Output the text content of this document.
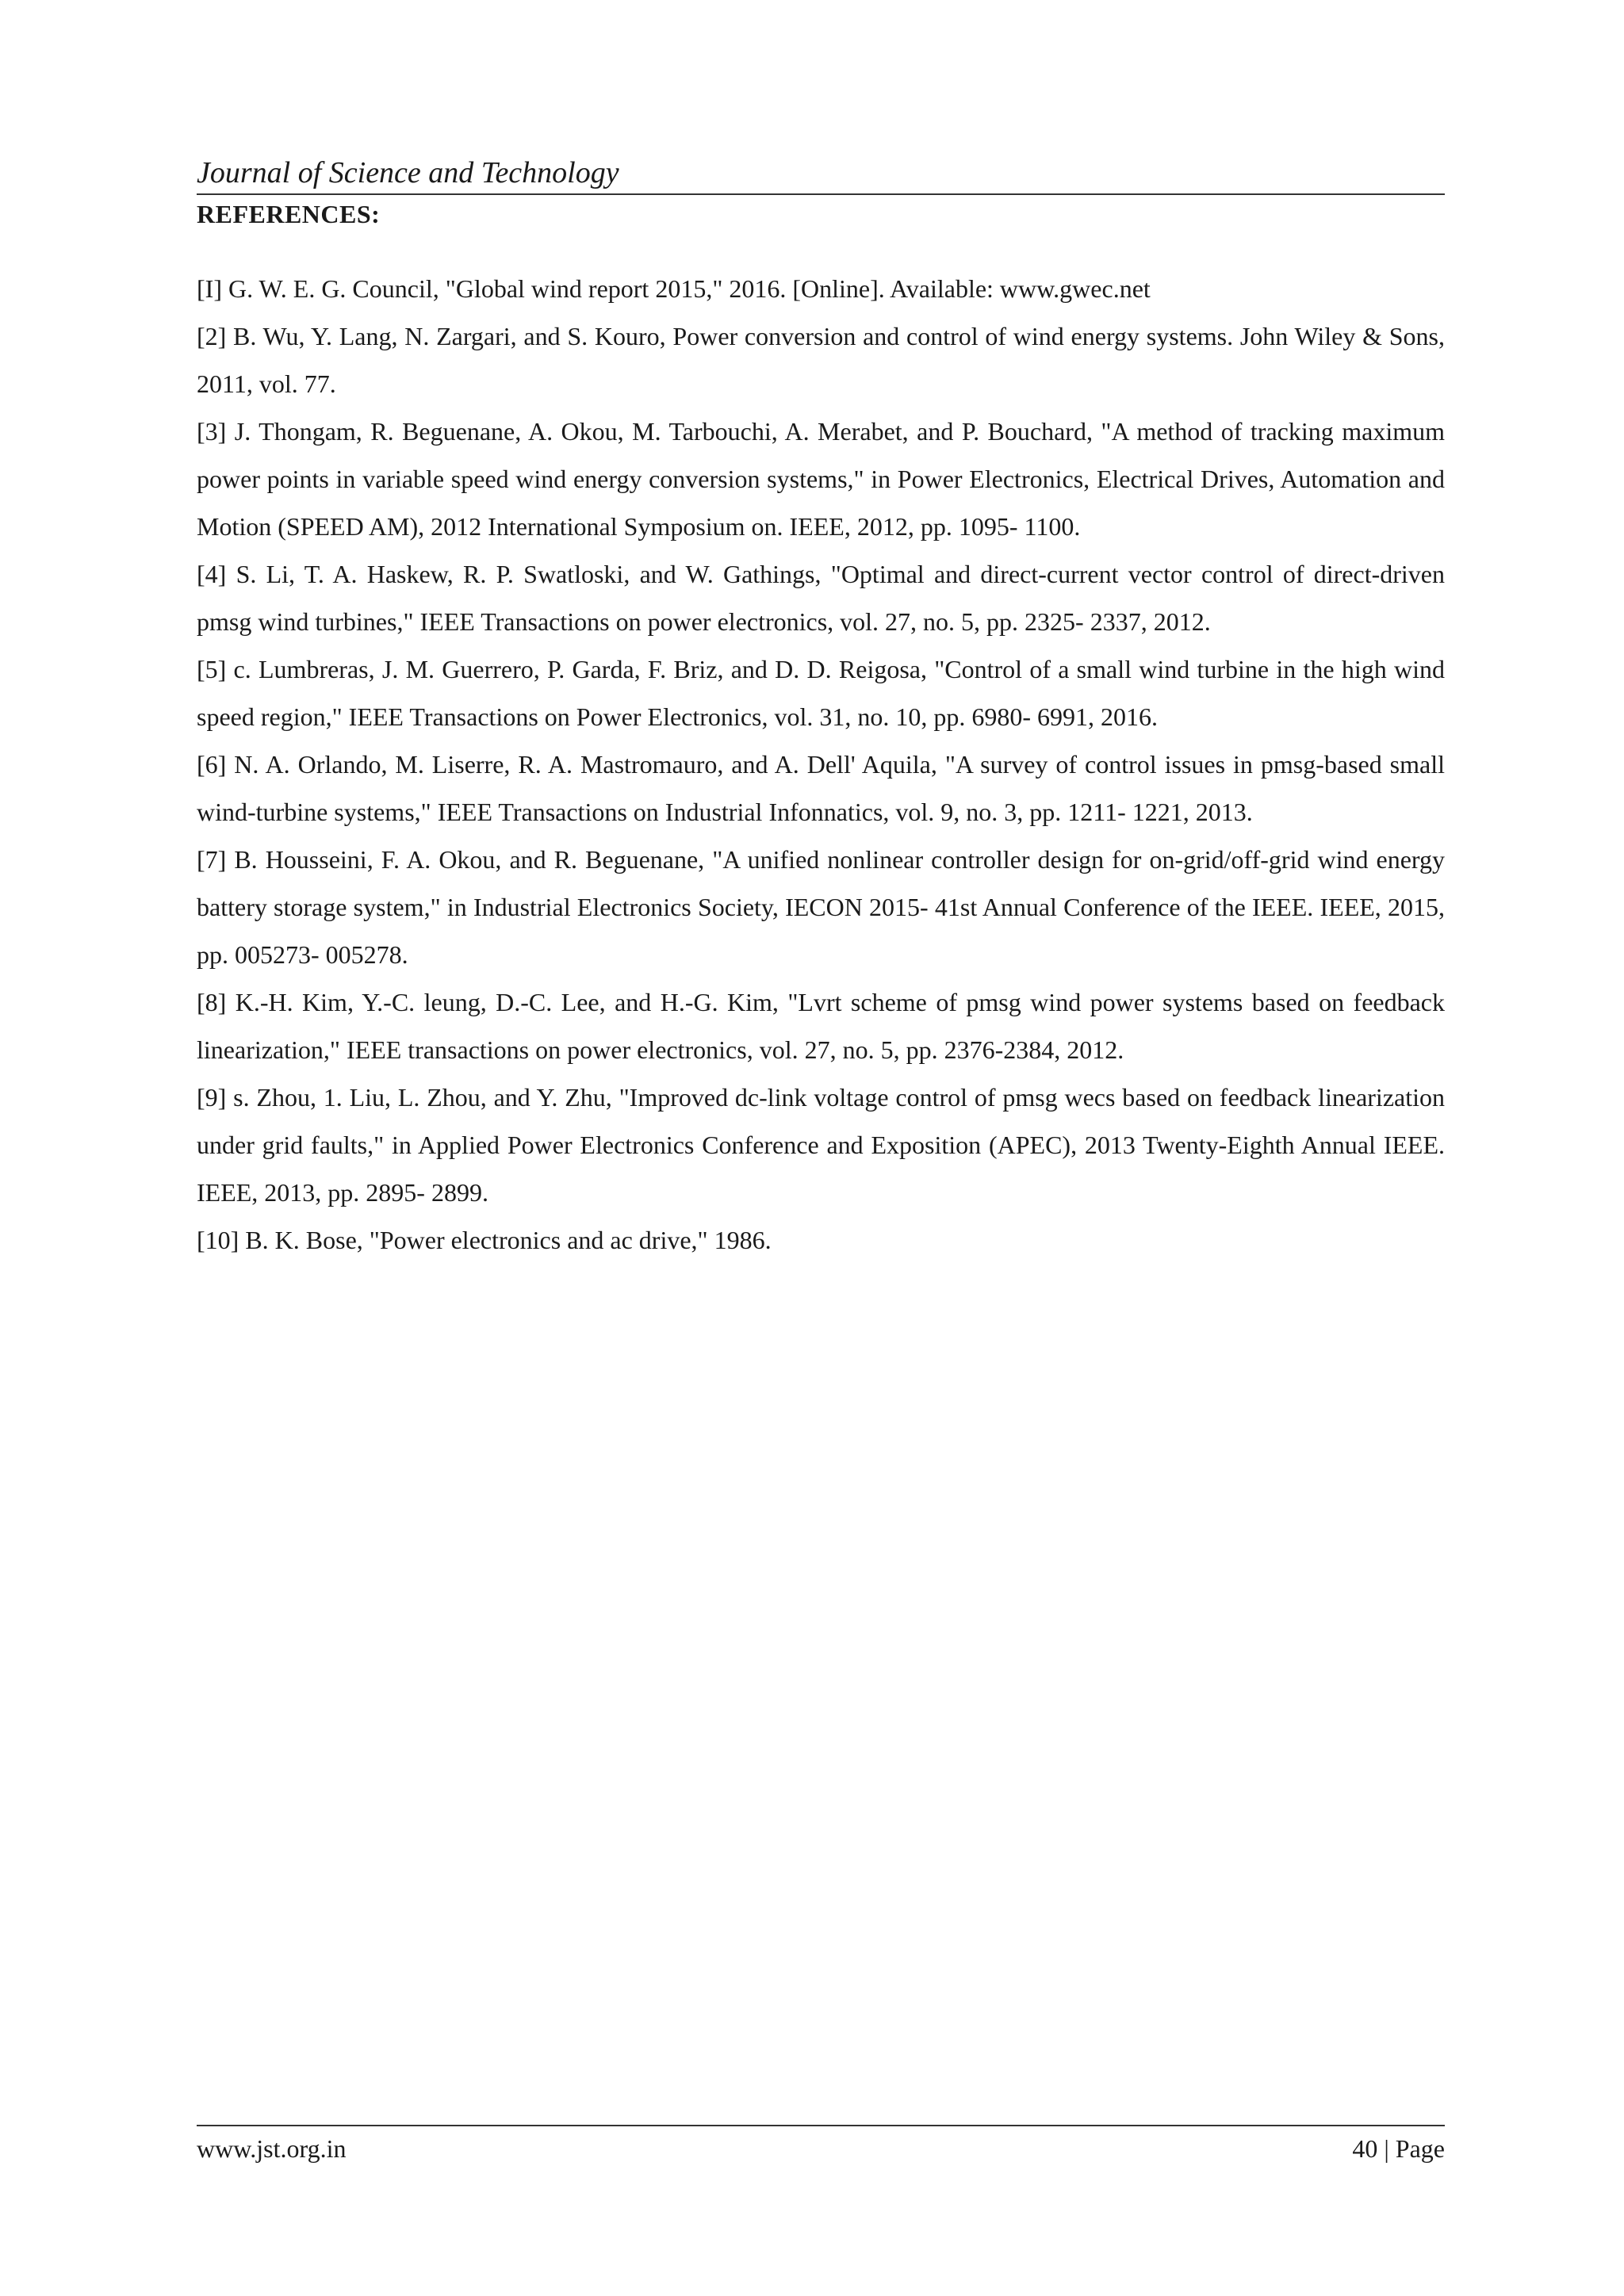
Journal of Science and Technology
REFERENCES:
[I] G. W. E. G. Council, "Global wind report 2015," 2016. [Online]. Available: www.gwec.net
[2] B. Wu, Y. Lang, N. Zargari, and S. Kouro, Power conversion and control of wind energy systems. John Wiley & Sons, 2011, vol. 77.
[3] J. Thongam, R. Beguenane, A. Okou, M. Tarbouchi, A. Merabet, and P. Bouchard, "A method of tracking maximum power points in variable speed wind energy conversion systems," in Power Electronics, Electrical Drives, Automation and Motion (SPEED AM), 2012 International Symposium on. IEEE, 2012, pp. 1095- 1100.
[4] S. Li, T. A. Haskew, R. P. Swatloski, and W. Gathings, "Optimal and direct-current vector control of direct-driven pmsg wind turbines," IEEE Transactions on power electronics, vol. 27, no. 5, pp. 2325- 2337, 2012.
[5] c. Lumbreras, J. M. Guerrero, P. Garda, F. Briz, and D. D. Reigosa, "Control of a small wind turbine in the high wind speed region," IEEE Transactions on Power Electronics, vol. 31, no. 10, pp. 6980- 6991, 2016.
[6] N. A. Orlando, M. Liserre, R. A. Mastromauro, and A. Dell' Aquila, "A survey of control issues in pmsg-based small wind-turbine systems," IEEE Transactions on Industrial Infonnatics, vol. 9, no. 3, pp. 1211- 1221, 2013.
[7] B. Housseini, F. A. Okou, and R. Beguenane, "A unified nonlinear controller design for on-grid/off-grid wind energy battery storage system," in Industrial Electronics Society, IECON 2015- 41st Annual Conference of the IEEE. IEEE, 2015, pp. 005273- 005278.
[8] K.-H. Kim, Y.-C. leung, D.-C. Lee, and H.-G. Kim, "Lvrt scheme of pmsg wind power systems based on feedback linearization," IEEE transactions on power electronics, vol. 27, no. 5, pp. 2376-2384, 2012.
[9] s. Zhou, 1. Liu, L. Zhou, and Y. Zhu, "Improved dc-link voltage control of pmsg wecs based on feedback linearization under grid faults," in Applied Power Electronics Conference and Exposition (APEC), 2013 Twenty-Eighth Annual IEEE. IEEE, 2013, pp. 2895- 2899.
[10] B. K. Bose, "Power electronics and ac drive," 1986.
www.jst.org.in	40 | Page
